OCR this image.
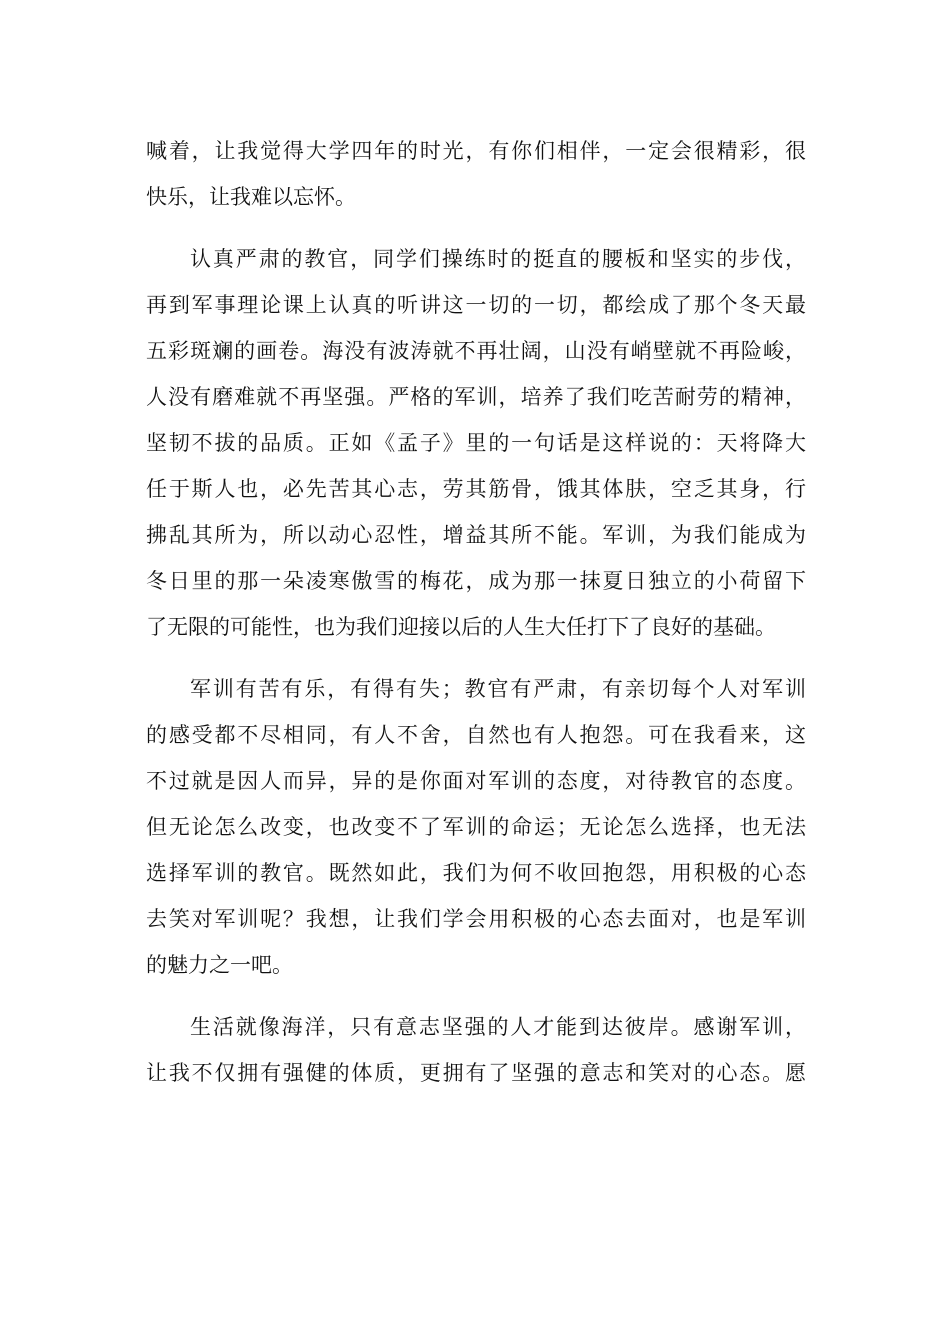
喊着，让我觉得大学四年的时光，有你们相伴，一定会很精彩，很
快乐，让我难以忘怀。
认真严肃的教官，同学们操练时的挺直的腰板和坚实的步伐，
再到军事理论课上认真的听讲这一切的一切，都绘成了那个冬天最
五彩斑斓的画卷。海没有波涛就不再壮阔，山没有峭壁就不再险峻，
人没有磨难就不再坚强。严格的军训，培养了我们吃苦耐劳的精神，
坚韧不拔的品质。正如《孟子》里的一句话是这样说的：天将降大
任于斯人也，必先苦其心志，劳其筋骨，饿其体肤，空乏其身，行
拂乱其所为，所以动心忍性，增益其所不能。军训，为我们能成为
冬日里的那一朵凌寒傲雪的梅花，成为那一抹夏日独立的小荷留下
了无限的可能性，也为我们迎接以后的人生大任打下了良好的基础。
军训有苦有乐，有得有失；教官有严肃，有亲切每个人对军训
的感受都不尽相同，有人不舍，自然也有人抱怨。可在我看来，这
不过就是因人而异，异的是你面对军训的态度，对待教官的态度。
但无论怎么改变，也改变不了军训的命运；无论怎么选择，也无法
选择军训的教官。既然如此，我们为何不收回抱怨，用积极的心态
去笑对军训呢？我想，让我们学会用积极的心态去面对，也是军训
的魅力之一吧。
生活就像海洋，只有意志坚强的人才能到达彼岸。感谢军训，
让我不仅拥有强健的体质，更拥有了坚强的意志和笑对的心态。愿
